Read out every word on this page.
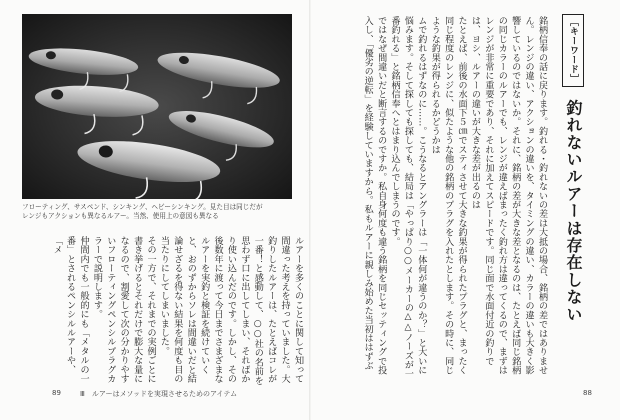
フローティング、サスペンド、シンキング、ヘビーシンキング。見た目は同じだが
レンジもアクションも異なるルアー。当然、使用上の意図も異なる
［キーワード］ 釣れないルアーは存在しない

銘柄信奉の話に戻ります。釣れる・釣れないの差は大抵の場合、銘柄の差ではありません。レンジの違い、アクションの違いを、タイミングの違い、カラーの違いも大きく影響しているのではないか。それに、銘柄の差が大きな差となるのは、たとえば同じ銘柄の同じカラーのルアーでも、レンジが違えばまったく釣れ方は違ってくるので、まずはレンジが非常に重要であり、それに加えてスピードです。同じ面で水面付近の釣りでは、ヨシ、ルアーの違いが大きな差が出るのは

たとえば、前後の水面下５㎝でスティさせて大きな釣果が得られたプラグと、まったく同じ程度のレンジに、似たような他の銘柄のプラグを入れたとします。その時に、同じような釣果が得られるかどうかは

ムで釣れるはずなのに……。こうなるとアングラーは「一体何が違うのか？」と大いに悩みます。そして探しても探しても、結局は「やっぱり○○メーカーの△△ノーズが一番釣れる」と銘柄信奉へとはまり込んでしまうのです。

ではなぜ間違いだと断言するのですか。私自身何度も違う銘柄を同じセッティングで投入し、「優劣の逆転」を経験していますから。私もルアーに親しみ始めた当初ははずぶ

ルアーを多くのことに関して知って間違った考えを持っていました。大釣りしたルアーは、たとえばコレが一番！と感動して、○○社の名前を思わず口に出してしまい、そればかり使い込んだのです。しかし、その後数年に渡って今日までさまざまなルアーを実釣と検証を続けていくと、おのずからソレは間違いだと結論せざるを得ない結果を何度も目の当たりにしてしまいました。

その一方で、それまでの実例ごとに書き挙げるとそれだけで膨大な量になるので、割愛して次の分かりやすいフローティングペンシルプラグカラーで説明します。

仲間内でも一般的にも「メタルの一番」とされるペンシルルアーや、「メ

89	Ⅲ　ルアーはメソッドを実現させるためのアイテム	88
